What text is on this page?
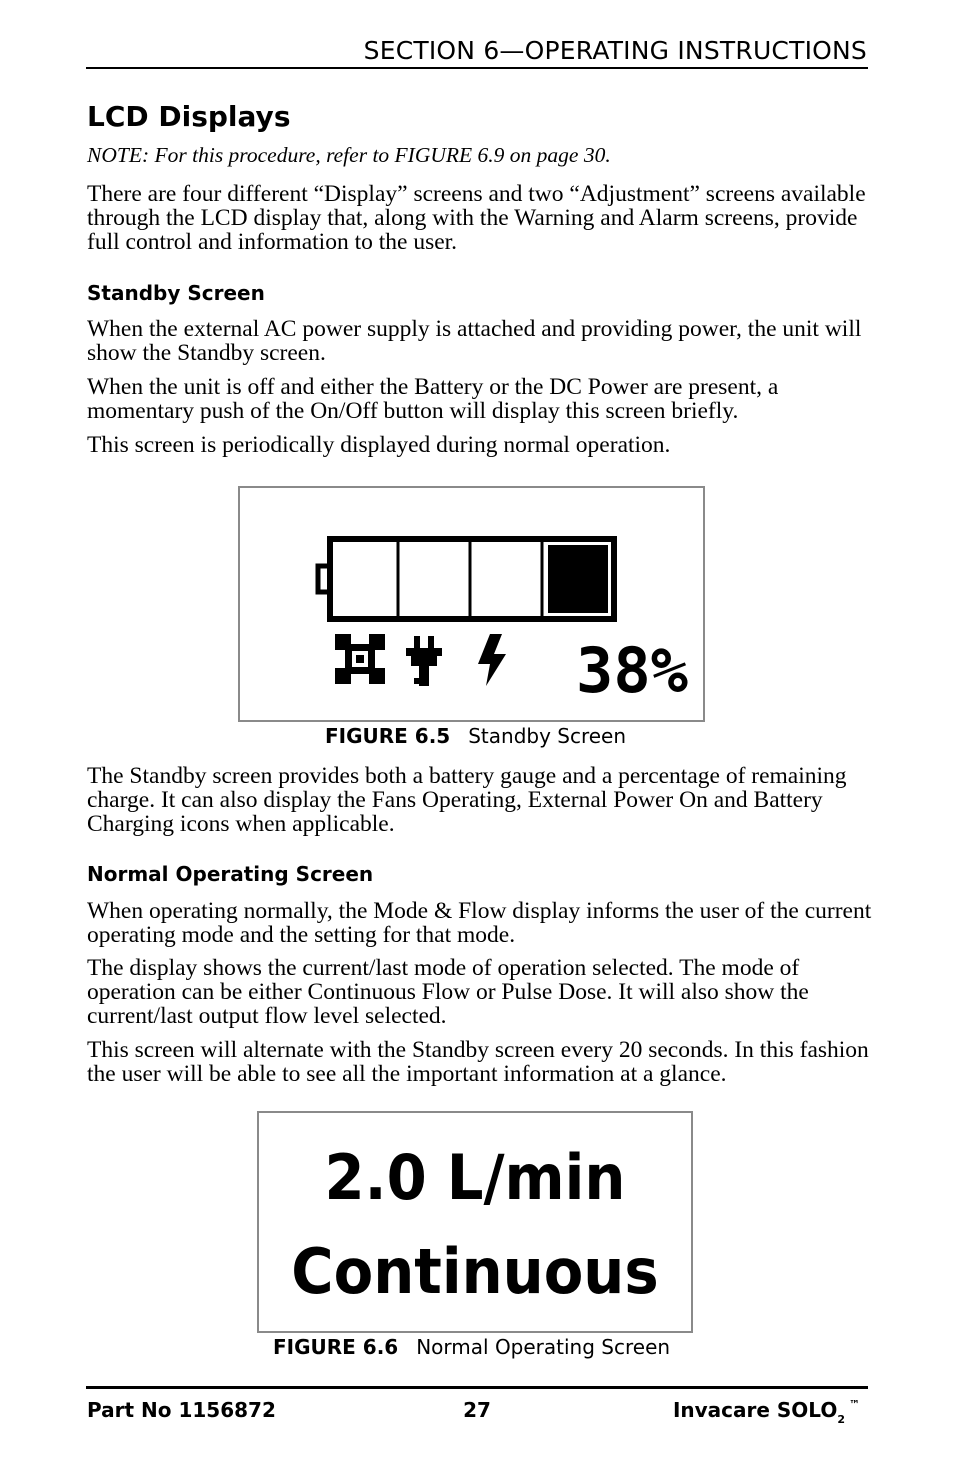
SECTION 6—OPERATING INSTRUCTIONS
LCD Displays
NOTE: For this procedure, refer to FIGURE 6.9 on page 30.

There are four different “Display” screens and two “Adjustment” screens available through the LCD display that, along with the Warning and Alarm screens, provide full control and information to the user.

Standby Screen

When the external AC power supply is attached and providing power, the unit will show the Standby screen.

When the unit is off and either the Battery or the DC Power are present, a momentary push of the On/Off button will display this screen briefly.

This screen is periodically displayed during normal operation.

38%
FIGURE 6.5 Standby Screen

The Standby screen provides both a battery gauge and a percentage of remaining charge. It can also display the Fans Operating, External Power On and Battery Charging icons when applicable.

Normal Operating Screen

When operating normally, the Mode & Flow display informs the user of the current operating mode and the setting for that mode.

The display shows the current/last mode of operation selected. The mode of operation can be either Continuous Flow or Pulse Dose. It will also show the current/last output flow level selected.

This screen will alternate with the Standby screen every 20 seconds. In this fashion the user will be able to see all the important information at a glance.

2.0 L/min
Continuous
FIGURE 6.6 Normal Operating Screen
Part No 1156872	27	Invacare $SOLO_2™$
